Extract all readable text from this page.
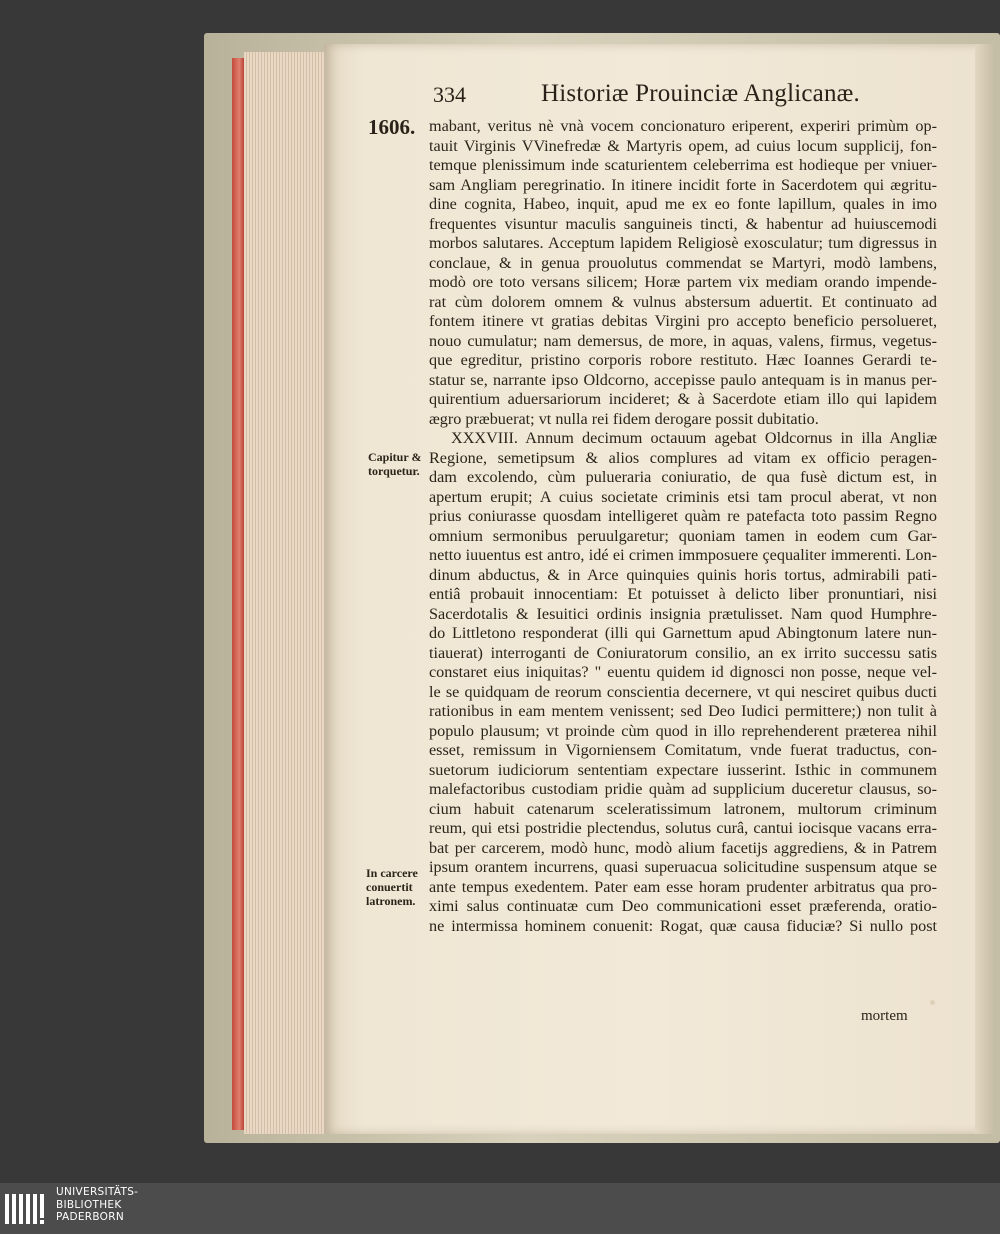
334	Historiæ Prouinciæ Anglicanæ.
1606. mabant, veritus nè vnà vocem concionaturo eriperent, experiri primùm op-
tauit Virginis VVinefredæ & Martyris opem, ad cuius locum supplicij, fon-
temque plenissimum inde scaturientem celeberrima est hodieque per vniuer-
sam Angliam peregrinatio. In itinere incidit forte in Sacerdotem qui ægritu-
dine cognita, Habeo, inquit, apud me ex eo fonte lapillum, quales in imo
frequentes visuntur maculis sanguineis tincti, & habentur ad huiuscemodi
morbos salutares. Acceptum lapidem Religiosè exosculatur; tum digressus in
conclaue, & in genua prouolutus commendat se Martyri, modò lambens,
modò ore toto versans silicem; Horæ partem vix mediam orando impende-
rat cùm dolorem omnem & vulnus abstersum aduertit. Et continuato ad
fontem itinere vt gratias debitas Virgini pro accepto beneficio persolueret,
nouo cumulatur; nam demersus, de more, in aquas, valens, firmus, vegetus-
que egreditur, pristino corporis robore restituto. Hæc Ioannes Gerardi te-
statur se, narrante ipso Oldcorno, accepisse paulo antequam is in manus per-
quirentium aduersariorum incideret; & à Sacerdote etiam illo qui lapidem
ægro præbuerat; vt nulla rei fidem derogare possit dubitatio.
XXXVIII. Annum decimum octauum agebat Oldcornus in illa Angliæ
Regione, semetipsum & alios complures ad vitam ex officio peragen-
dam excolendo, cùm pulueraria coniuratio, de qua fusè dictum est, in
apertum erupit; A cuius societate criminis etsi tam procul aberat, vt non
prius coniurasse quosdam intelligeret quàm re patefacta toto passim Regno
omnium sermonibus peruulgaretur; quoniam tamen in eodem cum Gar-
netto iuuentus est antro, idé ei crimen immposuere çequaliter immerenti. Lon-
dinum abductus, & in Arce quinquies quinis horis tortus, admirabili pati-
entiâ probauit innocentiam: Et potuisset à delicto liber pronuntiari, nisi
Sacerdotalis & Iesuitici ordinis insignia prætulisset. Nam quod Humphre-
do Littletono responderat (illi qui Garnettum apud Abingtonum latere nun-
tiauerat) interroganti de Coniuratorum consilio, an ex irrito successu satis
constaret eius iniquitas? " euentu quidem id dignosci non posse, neque vel-
le se quidquam de reorum conscientia decernere, vt qui nesciret quibus ducti
rationibus in eam mentem venissent; sed Deo Iudici permittere;) non tulit à
populo plausum; vt proinde cùm quod in illo reprehenderent præterea nihil
esset, remissum in Vigorniensem Comitatum, vnde fuerat traductus, con-
suetorum iudiciorum sententiam expectare iusserint. Isthic in communem
malefactoribus custodiam pridie quàm ad supplicium duceretur clausus, so-
cium habuit catenarum sceleratissimum latronem, multorum criminum
reum, qui etsi postridie plectendus, solutus curâ, cantui iocisque vacans erra-
bat per carcerem, modò hunc, modò alium facetijs aggrediens, & in Patrem
ipsum orantem incurrens, quasi superuacua solicitudine suspensum atque se
ante tempus exedentem. Pater eam esse horam prudenter arbitratus qua pro-
ximi salus continuatæ cum Deo communicationi esset præferenda, oratio-
ne intermissa hominem conuenit: Rogat, quæ causa fiduciæ? Si nullo post
Capitur &
torquetur.
In carcere
conuertit
latronem.
mortem
UNIVERSITÄTS-
BIBLIOTHEK
PADERBORN
